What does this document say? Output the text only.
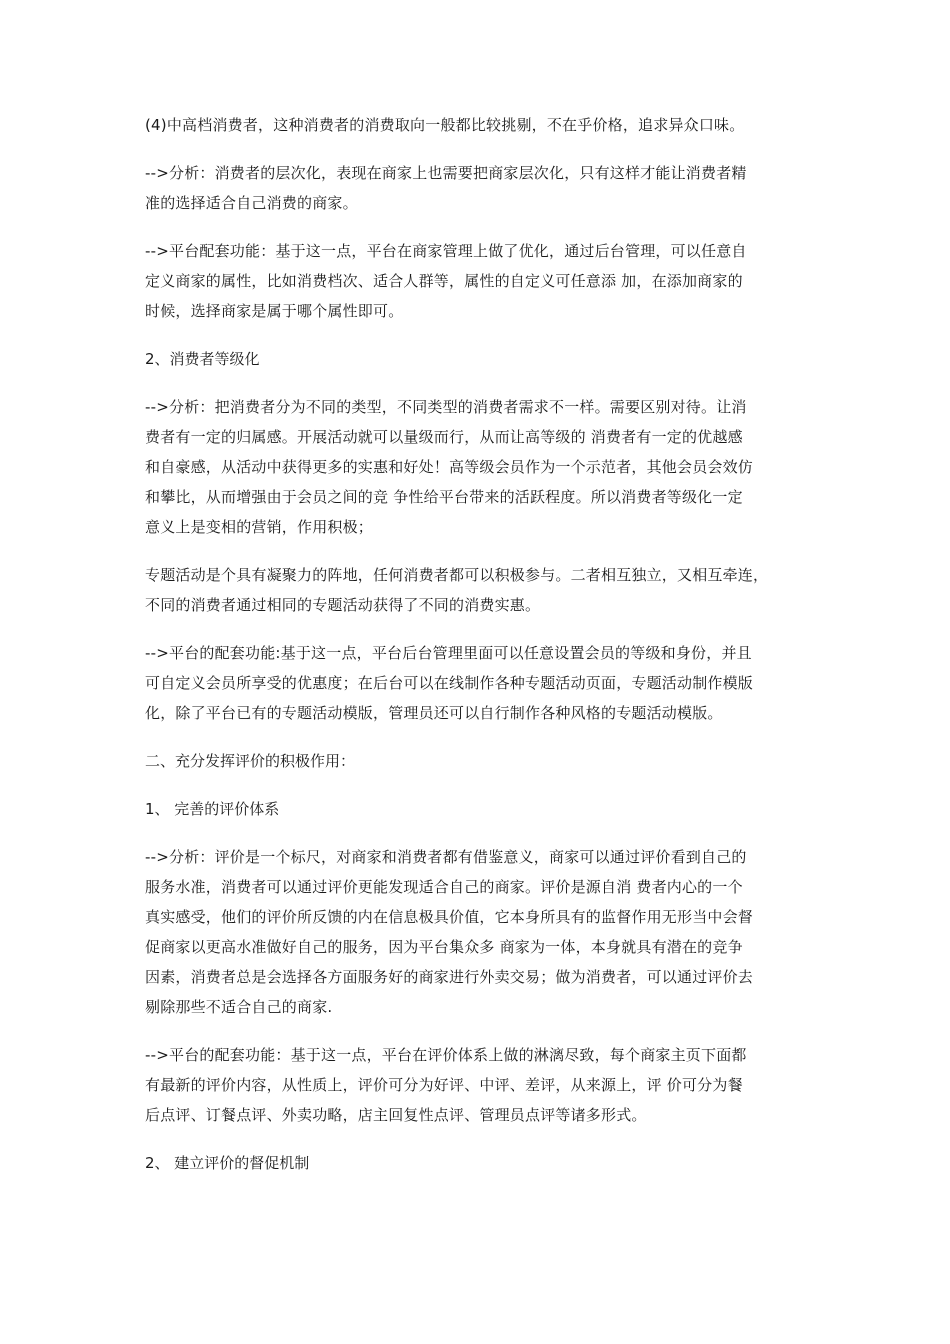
(4)中高档消费者，这种消费者的消费取向一般都比较挑剔，不在乎价格，追求异众口味。
-->分析：消费者的层次化，表现在商家上也需要把商家层次化，只有这样才能让消费者精
准的选择适合自己消费的商家。
-->平台配套功能：基于这一点，平台在商家管理上做了优化，通过后台管理，可以任意自
定义商家的属性，比如消费档次、适合人群等，属性的自定义可任意添 加，在添加商家的
时候，选择商家是属于哪个属性即可。
2、消费者等级化
-->分析：把消费者分为不同的类型，不同类型的消费者需求不一样。需要区别对待。让消
费者有一定的归属感。开展活动就可以量级而行，从而让高等级的 消费者有一定的优越感
和自豪感，从活动中获得更多的实惠和好处！高等级会员作为一个示范者，其他会员会效仿
和攀比，从而增强由于会员之间的竞 争性给平台带来的活跃程度。所以消费者等级化一定
意义上是变相的营销，作用积极；
专题活动是个具有凝聚力的阵地，任何消费者都可以积极参与。二者相互独立，又相互牵连，
不同的消费者通过相同的专题活动获得了不同的消费实惠。
-->平台的配套功能:基于这一点，平台后台管理里面可以任意设置会员的等级和身份，并且
可自定义会员所享受的优惠度；在后台可以在线制作各种专题活动页面，专题活动制作模版
化，除了平台已有的专题活动模版，管理员还可以自行制作各种风格的专题活动模版。
二、充分发挥评价的积极作用：
1、 完善的评价体系
-->分析：评价是一个标尺，对商家和消费者都有借鉴意义，商家可以通过评价看到自己的
服务水准，消费者可以通过评价更能发现适合自己的商家。评价是源自消 费者内心的一个
真实感受，他们的评价所反馈的内在信息极具价值，它本身所具有的监督作用无形当中会督
促商家以更高水准做好自己的服务，因为平台集众多 商家为一体，本身就具有潜在的竞争
因素，消费者总是会选择各方面服务好的商家进行外卖交易；做为消费者，可以通过评价去
剔除那些不适合自己的商家.
-->平台的配套功能：基于这一点，平台在评价体系上做的淋漓尽致，每个商家主页下面都
有最新的评价内容，从性质上，评价可分为好评、中评、差评，从来源上，评 价可分为餐
后点评、订餐点评、外卖功略，店主回复性点评、管理员点评等诸多形式。
2、 建立评价的督促机制
